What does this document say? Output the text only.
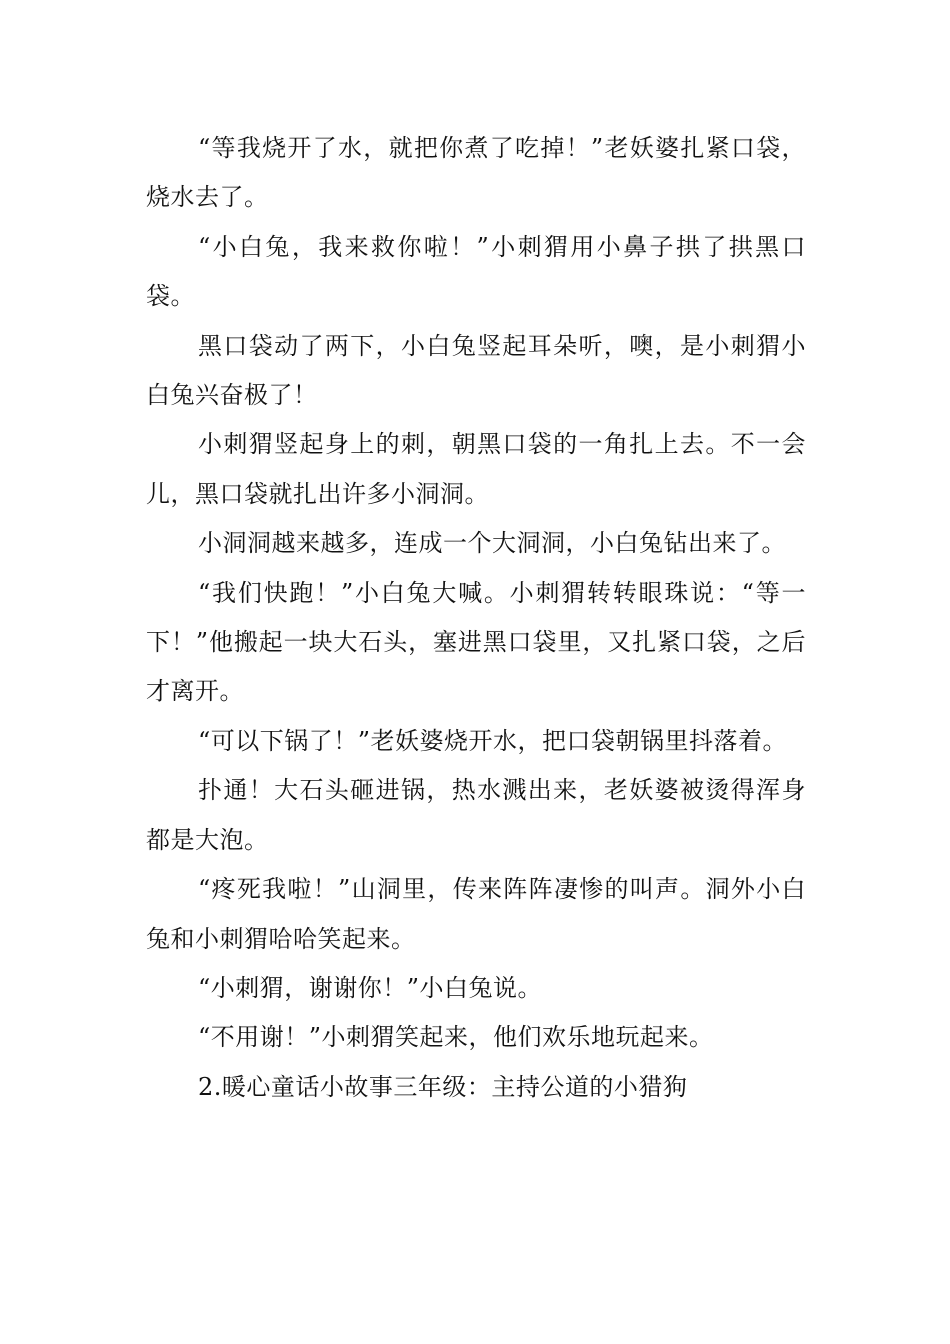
“等我烧开了水，就把你煮了吃掉！”老妖婆扎紧口袋，烧水去了。

“小白兔，我来救你啦！”小刺猬用小鼻子拱了拱黑口袋。

黑口袋动了两下，小白兔竖起耳朵听，噢，是小刺猬小白兔兴奋极了！

小刺猬竖起身上的刺，朝黑口袋的一角扎上去。不一会儿，黑口袋就扎出许多小洞洞。

小洞洞越来越多，连成一个大洞洞，小白兔钻出来了。

“我们快跑！”小白兔大喊。小刺猬转转眼珠说：“等一下！”他搬起一块大石头，塞进黑口袋里，又扎紧口袋，之后才离开。

“可以下锅了！”老妖婆烧开水，把口袋朝锅里抖落着。

扑通！大石头砸进锅，热水溅出来，老妖婆被烫得浑身都是大泡。

“疼死我啦！”山洞里，传来阵阵凄惨的叫声。洞外小白兔和小刺猬哈哈笑起来。

“小刺猬，谢谢你！”小白兔说。

“不用谢！”小刺猬笑起来，他们欢乐地玩起来。

2.暖心童话小故事三年级：主持公道的小猎狗
